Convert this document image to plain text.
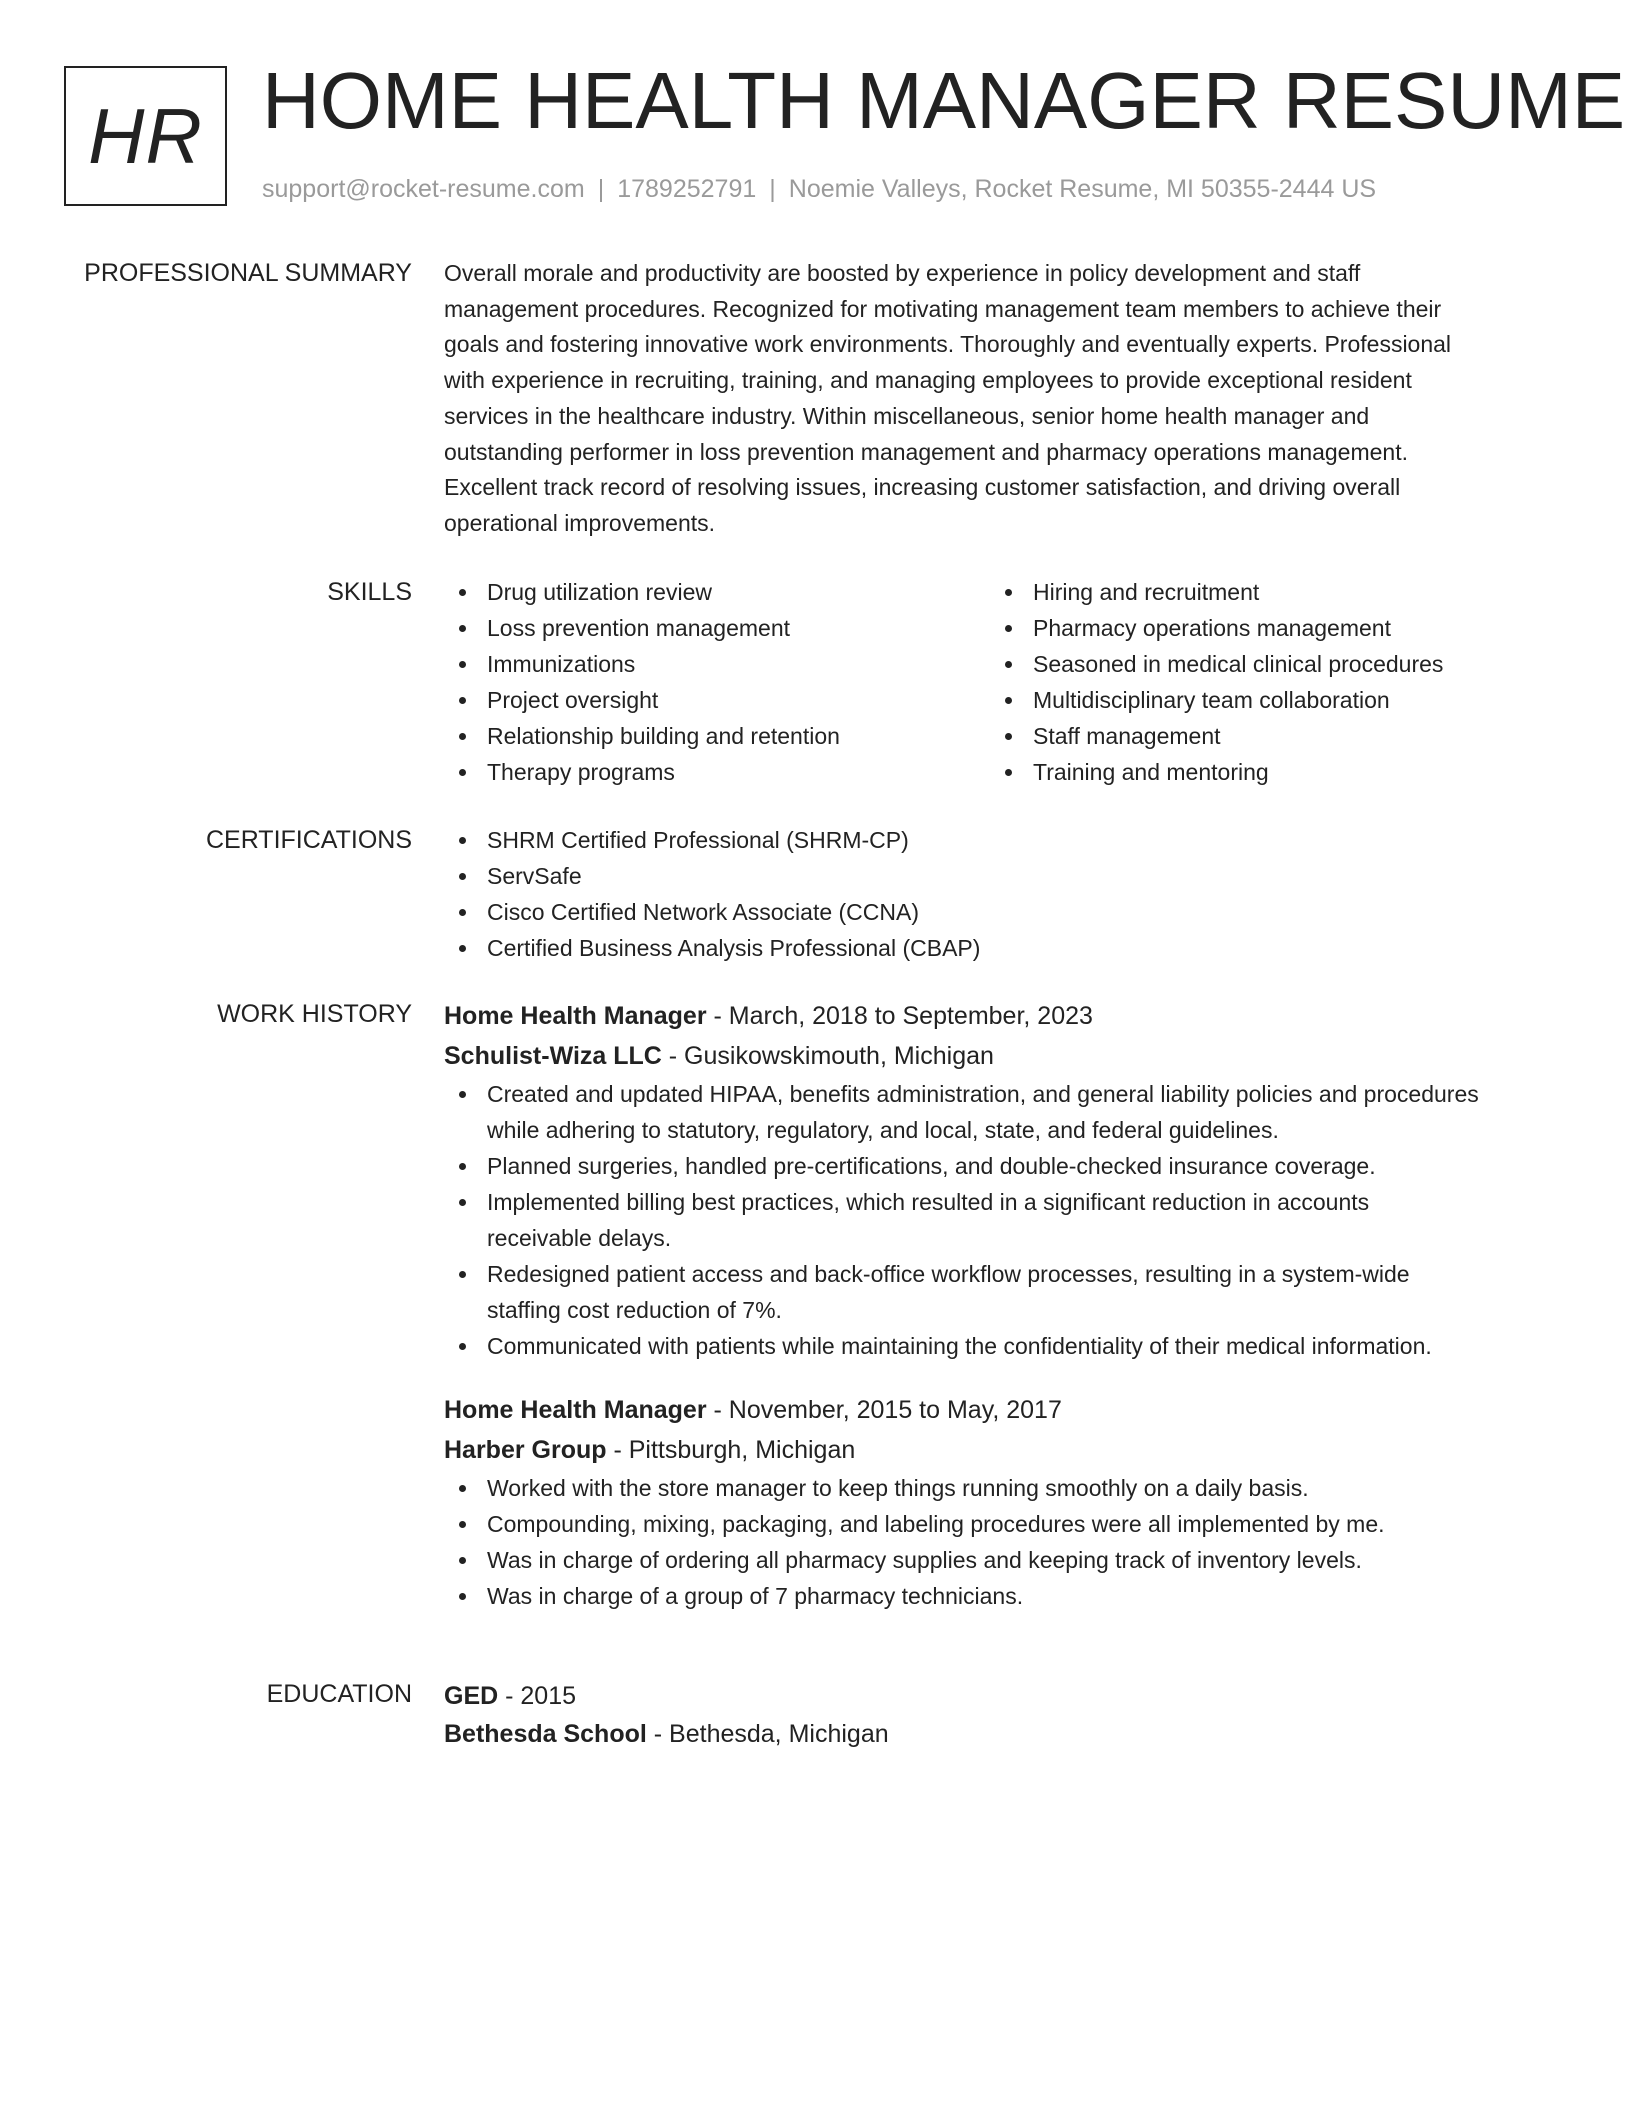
HR HOME HEALTH MANAGER RESUME
support@rocket-resume.com | 1789252791 | Noemie Valleys, Rocket Resume, MI 50355-2444 US
PROFESSIONAL SUMMARY Overall morale and productivity are boosted by experience in policy development and staff
management procedures. Recognized for motivating management team members to achieve their
goals and fostering innovative work environments. Thoroughly and eventually experts. Professional
with experience in recruiting, training, and managing employees to provide exceptional resident
services in the healthcare industry. Within miscellaneous, senior home health manager and
outstanding performer in loss prevention management and pharmacy operations management.
Excellent track record of resolving issues, increasing customer satisfaction, and driving overall
operational improvements.

SKILLS	Drug utilization review
Loss prevention management
Immunizations
Project oversight
Relationship building and retention
Therapy programs
Hiring and recruitment
Pharmacy operations management
Seasoned in medical clinical procedures
Multidisciplinary team collaboration
Staff management
Training and mentoring
CERTIFICATIONS	SHRM Certified Professional (SHRM-CP)
ServSafe
Cisco Certified Network Associate (CCNA)
Certified Business Analysis Professional (CBAP)
WORK HISTORY Home Health Manager - March, 2018 to September, 2023
Schulist-Wiza LLC - Gusikowskimouth, Michigan
Created and updated HIPAA, benefits administration, and general liability policies and procedures
while adhering to statutory, regulatory, and local, state, and federal guidelines.
Planned surgeries, handled pre-certifications, and double-checked insurance coverage.
Implemented billing best practices, which resulted in a significant reduction in accounts
receivable delays.
Redesigned patient access and back-office workflow processes, resulting in a system-wide
staffing cost reduction of 7%.
Communicated with patients while maintaining the confidentiality of their medical information.
Home Health Manager - November, 2015 to May, 2017
Harber Group - Pittsburgh, Michigan
Worked with the store manager to keep things running smoothly on a daily basis.
Compounding, mixing, packaging, and labeling procedures were all implemented by me.
Was in charge of ordering all pharmacy supplies and keeping track of inventory levels.
Was in charge of a group of 7 pharmacy technicians.
EDUCATION GED - 2015
Bethesda School - Bethesda, Michigan
